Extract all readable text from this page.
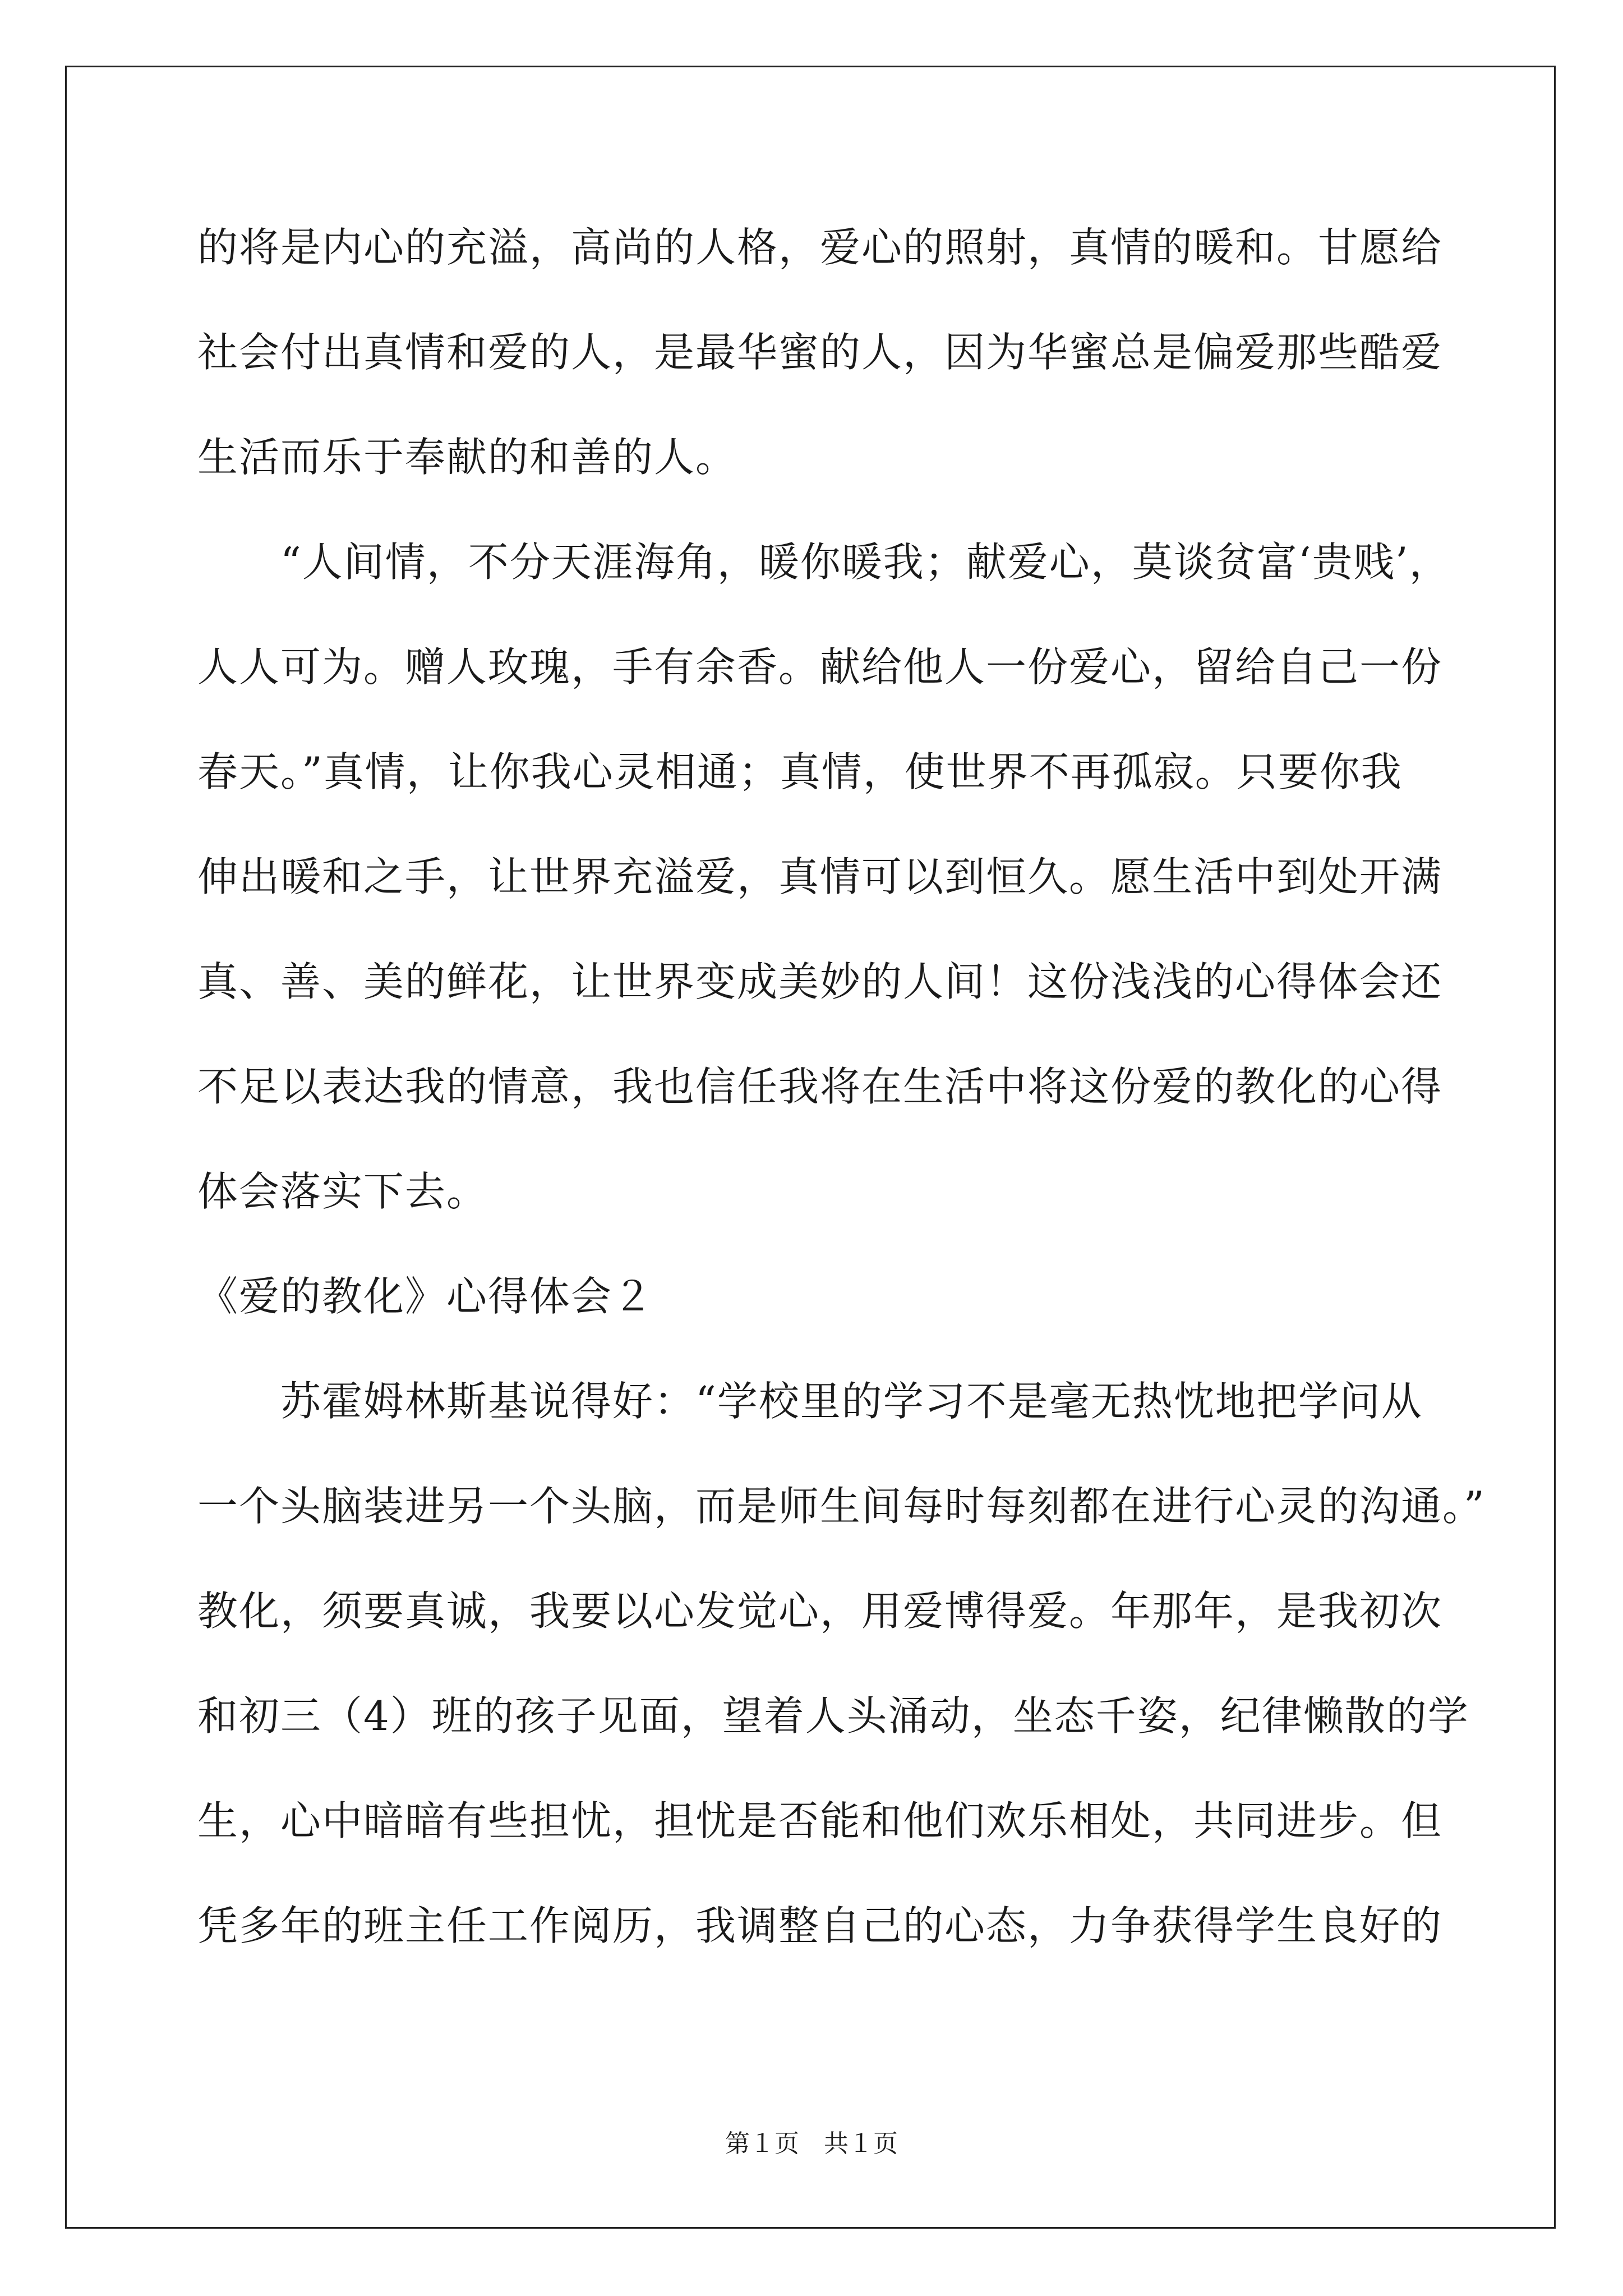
的将是内心的充溢，高尚的人格，爱心的照射，真情的暖和。甘愿给
社会付出真情和爱的人，是最华蜜的人，因为华蜜总是偏爱那些酷爱
生活而乐于奉献的和善的人。
“人间情，不分天涯海角，暖你暖我；献爱心，莫谈贫富‘贵贱’，
人人可为。赠人玫瑰，手有余香。献给他人一份爱心，留给自己一份
春天。”真情，让你我心灵相通；真情，使世界不再孤寂。只要你我
伸出暖和之手，让世界充溢爱，真情可以到恒久。愿生活中到处开满
真、善、美的鲜花，让世界变成美妙的人间！这份浅浅的心得体会还
不足以表达我的情意，我也信任我将在生活中将这份爱的教化的心得
体会落实下去。
《爱的教化》心得体会２
苏霍姆林斯基说得好：“学校里的学习不是毫无热忱地把学问从
一个头脑装进另一个头脑，而是师生间每时每刻都在进行心灵的沟通。”
教化，须要真诚，我要以心发觉心，用爱博得爱。年那年，是我初次
和初三（4）班的孩子见面，望着人头涌动，坐态千姿，纪律懒散的学
生，心中暗暗有些担忧，担忧是否能和他们欢乐相处，共同进步。但
凭多年的班主任工作阅历，我调整自己的心态，力争获得学生良好的
第１页　共１页
